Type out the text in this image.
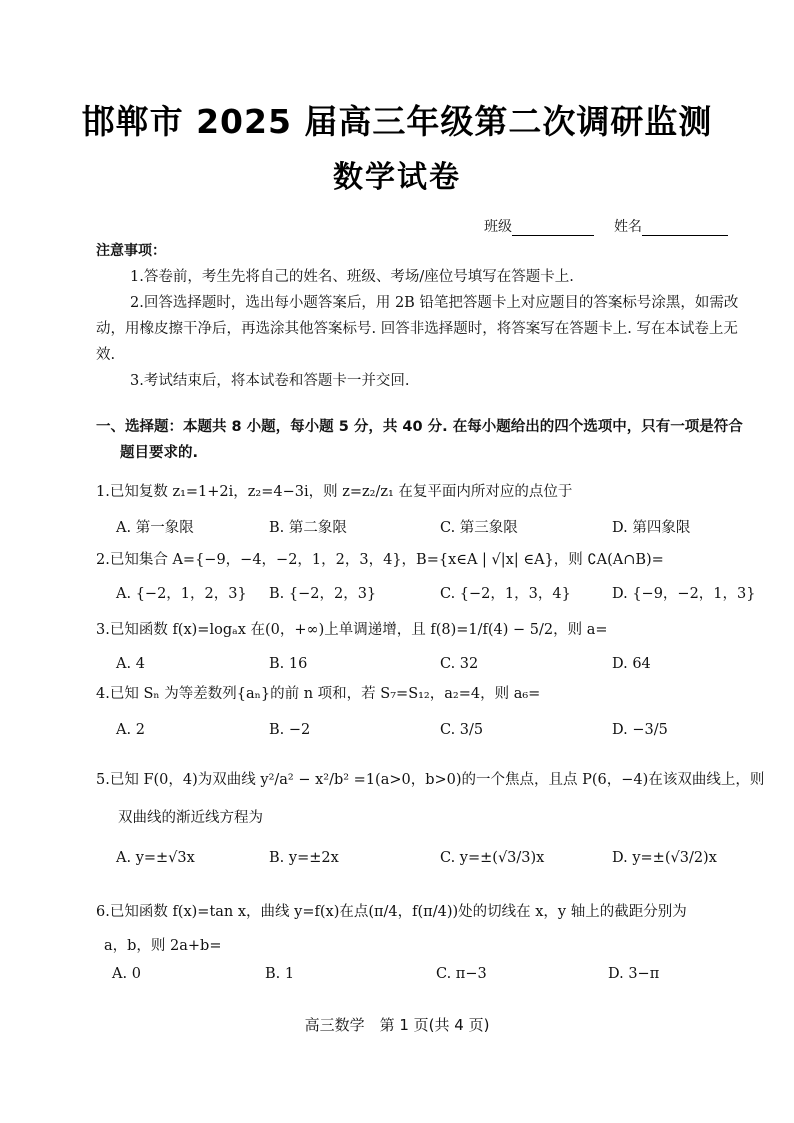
邯郸市 2025 届高三年级第二次调研监测
数学试卷
班级	姓名
注意事项：
1.答卷前，考生先将自己的姓名、班级、考场/座位号填写在答题卡上.
2.回答选择题时，选出每小题答案后，用 2B 铅笔把答题卡上对应题目的答案标号涂黑，如需改动，用橡皮擦干净后，再选涂其他答案标号. 回答非选择题时，将答案写在答题卡上. 写在本试卷上无效.
3.考试结束后，将本试卷和答题卡一并交回.
一、选择题：本题共 8 小题，每小题 5 分，共 40 分. 在每小题给出的四个选项中，只有一项是符合
题目要求的.
1.已知复数 z₁=1+2i，z₂=4−3i，则 z=z₂/z₁ 在复平面内所对应的点位于
A. 第一象限	B. 第二象限	C. 第三象限	D. 第四象限
2.已知集合 A={−9，−4，−2，1，2，3，4}，B={x∈A | √|x| ∈A}，则 ∁A(A∩B)=
A. {−2，1，2，3} B. {−2，2，3}	C. {−2，1，3，4}	D. {−9，−2，1，3}
3.已知函数 f(x)=logₐx 在(0，+∞)上单调递增，且 f(8)=1/f(4) − 5/2，则 a=
A. 4	B. 16	C. 32	D. 64
4.已知 Sₙ 为等差数列{aₙ}的前 n 项和，若 S₇=S₁₂，a₂=4，则 a₆=
A. 2	B. −2	C. 3/5	D. −3/5
5.已知 F(0，4)为双曲线 y²/a² − x²/b² =1(a>0，b>0)的一个焦点，且点 P(6，−4)在该双曲线上，则
双曲线的渐近线方程为
A. y=±√3x	B. y=±2x	C. y=±(√3/3)x	D. y=±(√3/2)x
6.已知函数 f(x)=tan x，曲线 y=f(x)在点(π/4，f(π/4))处的切线在 x，y 轴上的截距分别为
a，b，则 2a+b=
A. 0	B. 1	C. π−3	D. 3−π
高三数学　第 1 页(共 4 页)
